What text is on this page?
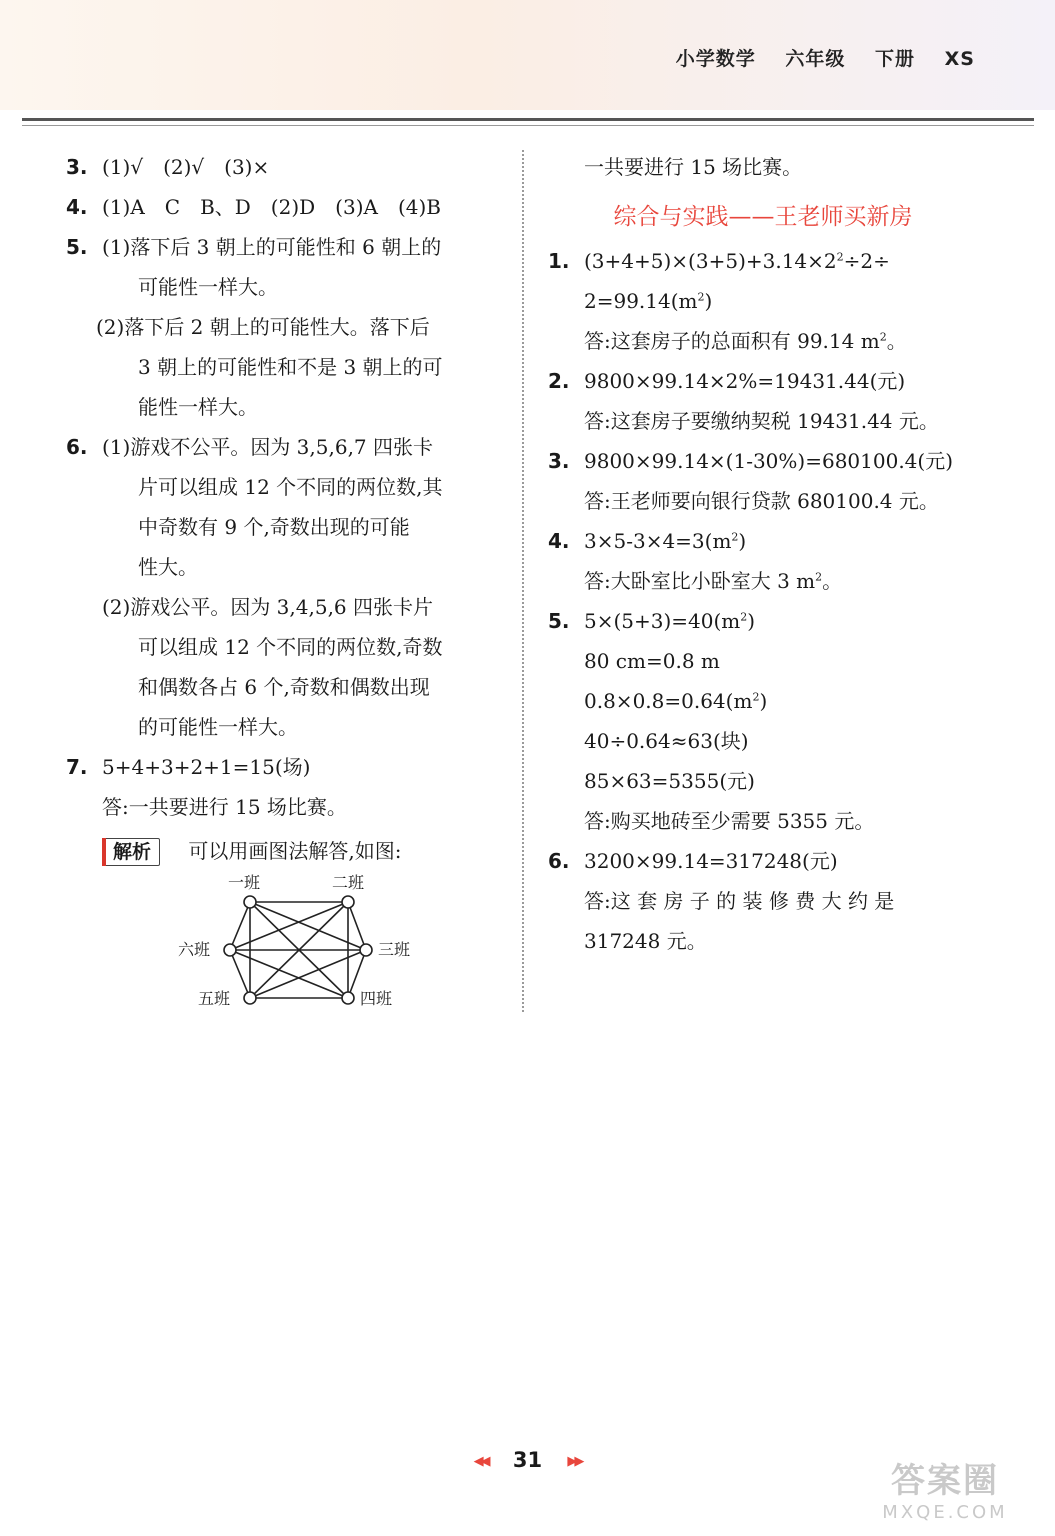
小学数学 六年级 下册 XS
3. (1)√　(2)√　(3)×
4. (1)A　C　B、D　(2)D　(3)A　(4)B
5. (1)落下后 3 朝上的可能性和 6 朝上的
可能性一样大。
(2)落下后 2 朝上的可能性大。落下后
3 朝上的可能性和不是 3 朝上的可
能性一样大。
6. (1)游戏不公平。因为 3,5,6,7 四张卡
片可以组成 12 个不同的两位数,其
中奇数有 9 个,奇数出现的可能
性大。
(2)游戏公平。因为 3,4,5,6 四张卡片
可以组成 12 个不同的两位数,奇数
和偶数各占 6 个,奇数和偶数出现
的可能性一样大。
7. 5+4+3+2+1=15(场)
答:一共要进行 15 场比赛。
解析 可以用画图法解答,如图:
一班	二班
三班
四班
五班
六班
一共要进行 15 场比赛。
综合与实践——王老师买新房
1. $(3+4+5)\times(3+5)+3.14\times 2^2\div 2\div$
$2=99.14(m^2)$
答:这套房子的总面积有 99.14 $m^2$。
2. 9800×99.14×2%=19431.44(元)
答:这套房子要缴纳契税 19431.44 元。
3. 9800×99.14×(1-30%)=680100.4(元)
答:王老师要向银行贷款 680100.4 元。
4. $3\times 5-3\times 4=3(m^2)$
答:大卧室比小卧室大 3 $m^2$。
5. $5\times(5+3)=40(m^2)$
80 cm=0.8 m
$0.8\times 0.8=0.64(m^2)$
40÷0.64≈63(块)
85×63=5355(元)
答:购买地砖至少需要 5355 元。
6. 3200×99.14=317248(元)
答:这 套 房 子 的 装 修 费 大 约 是
317248 元。
◀◀ 31 ▶▶	答案圈
MXQE.COM
